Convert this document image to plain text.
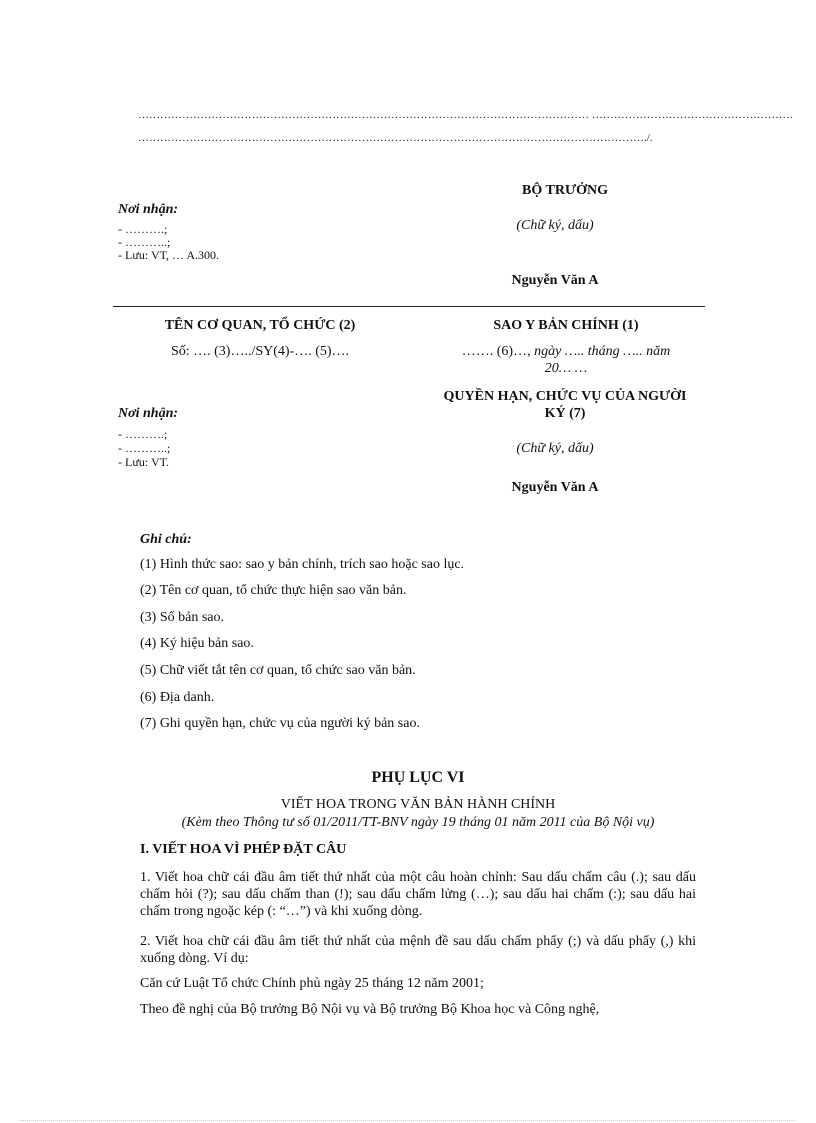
…………………………………………………………………………………………………………… ……………………………………………….
…………………………………………………………………………………………………………………………./.
BỘ TRƯỞNG
Nơi nhận:
- ……….;
- ………..;
- Lưu: VT, … A.300.
(Chữ ký, dấu)
Nguyễn Văn A
TÊN CƠ QUAN, TỔ CHỨC (2)
Số: …. (3)…../SY(4)-…. (5)….
SAO Y BẢN CHÍNH (1)
……. (6)…, ngày ….. tháng ….. năm
20… …
QUYỀN HẠN, CHỨC VỤ CỦA NGƯỜI
KÝ (7)
Nơi nhận:
- ……….;
- ………..;
- Lưu: VT.
(Chữ ký, dấu)
Nguyễn Văn A
Ghi chú:
(1) Hình thức sao: sao y bản chính, trích sao hoặc sao lục.
(2) Tên cơ quan, tổ chức thực hiện sao văn bản.
(3) Số bản sao.
(4) Ký hiệu bản sao.
(5) Chữ viết tắt tên cơ quan, tổ chức sao văn bản.
(6) Địa danh.
(7) Ghi quyền hạn, chức vụ của người ký bản sao.
PHỤ LỤC VI
VIẾT HOA TRONG VĂN BẢN HÀNH CHÍNH
(Kèm theo Thông tư số 01/2011/TT-BNV ngày 19 tháng 01 năm 2011 của Bộ Nội vụ)
I. VIẾT HOA VÌ PHÉP ĐẶT CÂU
1. Viết hoa chữ cái đầu âm tiết thứ nhất của một câu hoàn chỉnh: Sau dấu chấm câu (.); sau dấu chấm hỏi (?); sau dấu chấm than (!); sau dấu chấm lửng (…); sau dấu hai chấm (:); sau dấu hai chấm trong ngoặc kép (: “…”) và khi xuống dòng.
2. Viết hoa chữ cái đầu âm tiết thứ nhất của mệnh đề sau dấu chấm phẩy (;) và dấu phẩy (,) khi xuống dòng. Ví dụ:
Căn cứ Luật Tổ chức Chính phủ ngày 25 tháng 12 năm 2001;
Theo đề nghị của Bộ trưởng Bộ Nội vụ và Bộ trưởng Bộ Khoa học và Công nghệ,
